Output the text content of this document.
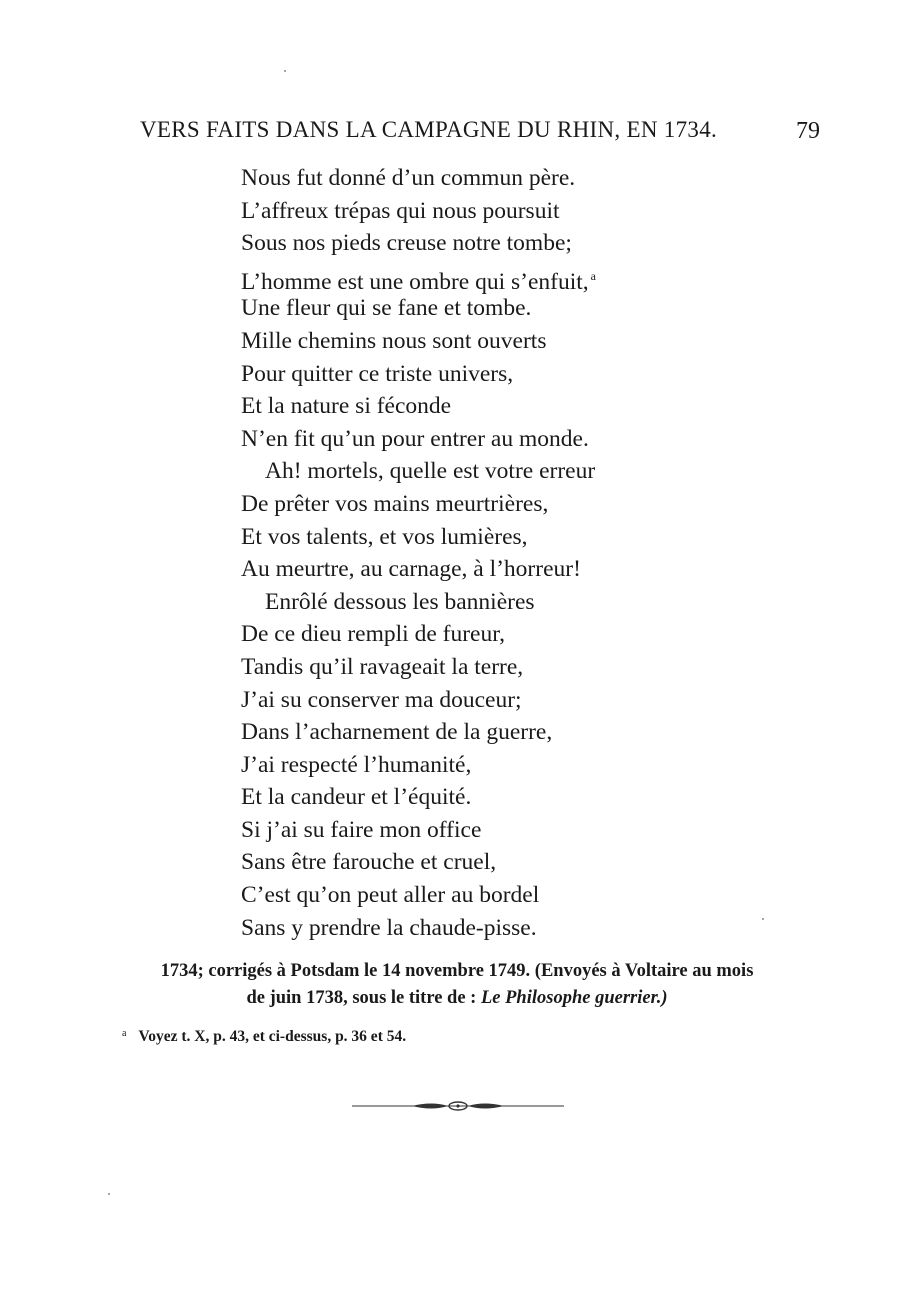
VERS FAITS DANS LA CAMPAGNE DU RHIN, EN 1734.	79
Nous fut donné d’un commun père.
L’affreux trépas qui nous poursuit
Sous nos pieds creuse notre tombe;
L’homme est une ombre qui s’enfuit, $^a$
Une fleur qui se fane et tombe.
Mille chemins nous sont ouverts
Pour quitter ce triste univers,
Et la nature si féconde
N’en fit qu’un pour entrer au monde.
Ah! mortels, quelle est votre erreur
De prêter vos mains meurtrières,
Et vos talents, et vos lumières,
Au meurtre, au carnage, à l’horreur!
Enrôlé dessous les bannières
De ce dieu rempli de fureur,
Tandis qu’il ravageait la terre,
J’ai su conserver ma douceur;
Dans l’acharnement de la guerre,
J’ai respecté l’humanité,
Et la candeur et l’équité.
Si j’ai su faire mon office
Sans être farouche et cruel,
C’est qu’on peut aller au bordel
Sans y prendre la chaude-pisse.
1734; corrigés à Potsdam le 14 novembre 1749. (Envoyés à Voltaire au mois
de juin 1738, sous le titre de : Le Philosophe guerrier.)
$^a$ Voyez t. X, p. 43, et ci-dessus, p. 36 et 54.
